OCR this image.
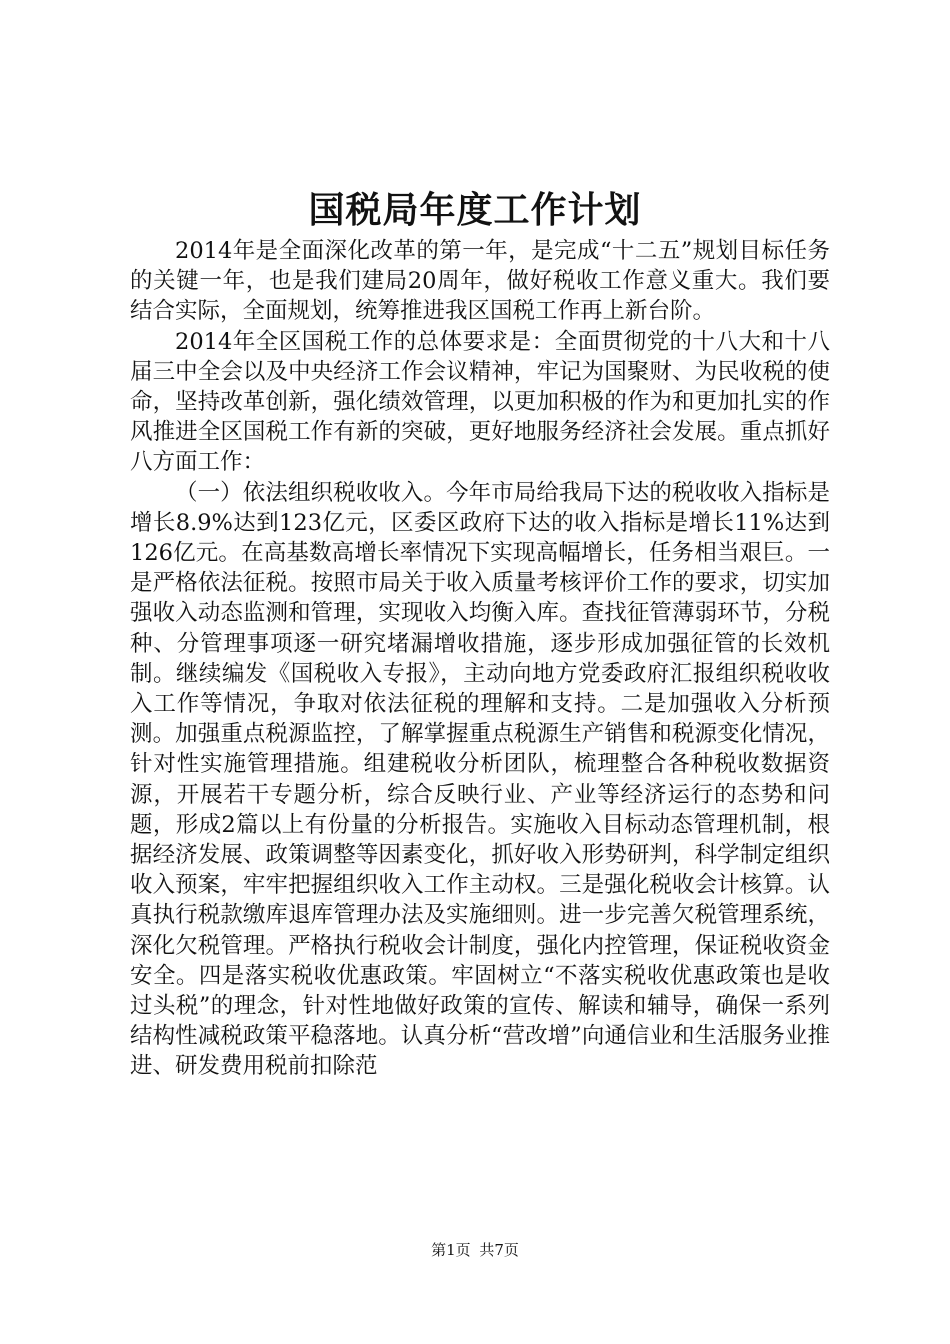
国税局年度工作计划

2014年是全面深化改革的第一年，是完成“十二五”规划目标任务的关键一年，也是我们建局20周年，做好税收工作意义重大。我们要结合实际，全面规划，统筹推进我区国税工作再上新台阶。

2014年全区国税工作的总体要求是：全面贯彻党的十八大和十八届三中全会以及中央经济工作会议精神，牢记为国聚财、为民收税的使命，坚持改革创新，强化绩效管理，以更加积极的作为和更加扎实的作风推进全区国税工作有新的突破，更好地服务经济社会发展。重点抓好八方面工作：

（一）依法组织税收收入。今年市局给我局下达的税收收入指标是增长8.9%达到123亿元，区委区政府下达的收入指标是增长11%达到126亿元。在高基数高增长率情况下实现高幅增长，任务相当艰巨。一是严格依法征税。按照市局关于收入质量考核评价工作的要求，切实加强收入动态监测和管理，实现收入均衡入库。查找征管薄弱环节，分税种、分管理事项逐一研究堵漏增收措施，逐步形成加强征管的长效机制。继续编发《国税收入专报》，主动向地方党委政府汇报组织税收收入工作等情况，争取对依法征税的理解和支持。二是加强收入分析预测。加强重点税源监控，了解掌握重点税源生产销售和税源变化情况，针对性实施管理措施。组建税收分析团队，梳理整合各种税收数据资源，开展若干专题分析，综合反映行业、产业等经济运行的态势和问题，形成2篇以上有份量的分析报告。实施收入目标动态管理机制，根据经济发展、政策调整等因素变化，抓好收入形势研判，科学制定组织收入预案，牢牢把握组织收入工作主动权。三是强化税收会计核算。认真执行税款缴库退库管理办法及实施细则。进一步完善欠税管理系统，深化欠税管理。严格执行税收会计制度，强化内控管理，保证税收资金安全。四是落实税收优惠政策。牢固树立“不落实税收优惠政策也是收过头税”的理念，针对性地做好政策的宣传、解读和辅导，确保一系列结构性减税政策平稳落地。认真分析“营改增”向通信业和生活服务业推进、研发费用税前扣除范

第1页 共7页
